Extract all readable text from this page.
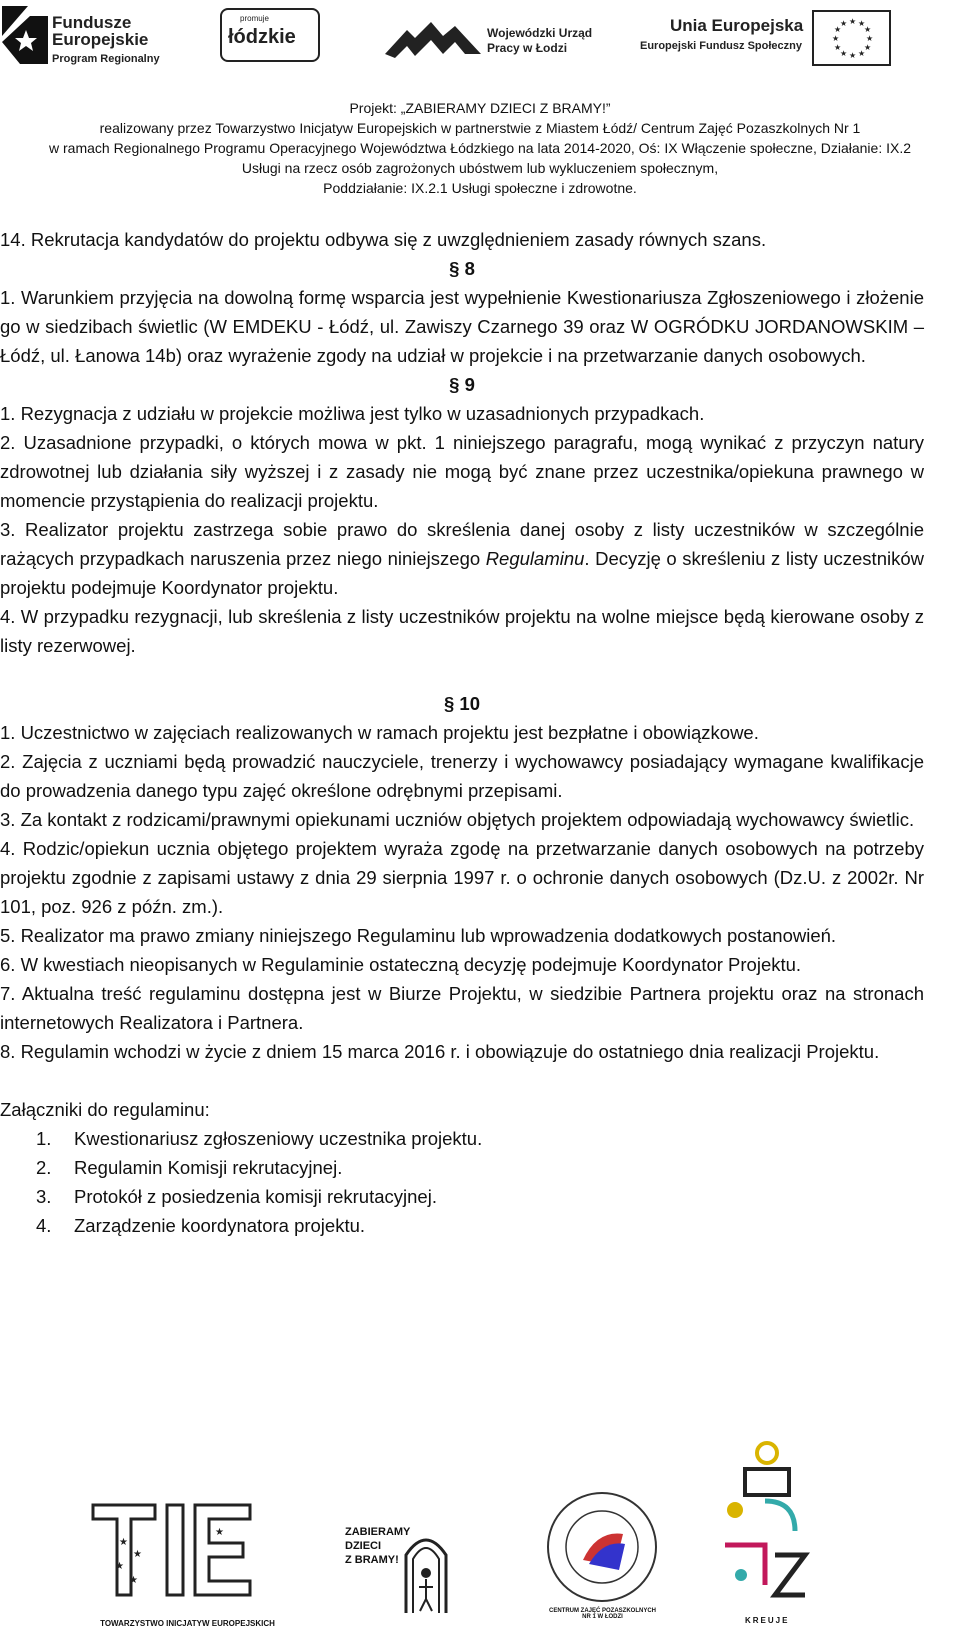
Fundusze
Europejskie
Program Regionalny
promuje
łódzkie	Wojewódzki Urząd
Pracy w Łodzi
Unia Europejska
Europejski Fundusz Społeczny
★ ★
★
★
★
★
★
★
★
★
★
★
Projekt: „ZABIERAMY DZIECI Z BRAMY!”
realizowany przez Towarzystwo Inicjatyw Europejskich w partnerstwie z Miastem Łódź/ Centrum Zajęć Pozaszkolnych Nr 1
w ramach Regionalnego Programu Operacyjnego Województwa Łódzkiego na lata 2014-2020, Oś: IX Włączenie społeczne, Działanie: IX.2
Usługi na rzecz osób zagrożonych ubóstwem lub wykluczeniem społecznym,
Poddziałanie: IX.2.1 Usługi społeczne i zdrowotne.

14. Rekrutacja kandydatów do projektu odbywa się z uwzględnieniem zasady równych szans.

§ 8

1. Warunkiem przyjęcia na dowolną formę wsparcia jest wypełnienie Kwestionariusza Zgłoszeniowego i złożenie go w siedzibach świetlic (W EMDEKU - Łódź, ul. Zawiszy Czarnego 39 oraz W OGRÓDKU JORDANOWSKIM – Łódź, ul. Łanowa 14b) oraz wyrażenie zgody na udział w projekcie i na przetwarzanie danych osobowych.

§ 9

1. Rezygnacja z udziału w projekcie możliwa jest tylko w uzasadnionych przypadkach.

2. Uzasadnione przypadki, o których mowa w pkt. 1 niniejszego paragrafu, mogą wynikać z przyczyn natury zdrowotnej lub działania siły wyższej i z zasady nie mogą być znane przez uczestnika/opiekuna prawnego w momencie przystąpienia do realizacji projektu.

3. Realizator projektu zastrzega sobie prawo do skreślenia danej osoby z listy uczestników w szczególnie rażących przypadkach naruszenia przez niego niniejszego Regulaminu. Decyzję o skreśleniu z listy uczestników projektu podejmuje Koordynator projektu.

4. W przypadku rezygnacji, lub skreślenia z listy uczestników projektu na wolne miejsce będą kierowane osoby z listy rezerwowej.

§ 10

1. Uczestnictwo w zajęciach realizowanych w ramach projektu jest bezpłatne i obowiązkowe.

2. Zajęcia z uczniami będą prowadzić nauczyciele, trenerzy i wychowawcy posiadający wymagane kwalifikacje do prowadzenia danego typu zajęć określone odrębnymi przepisami.

3. Za kontakt z rodzicami/prawnymi opiekunami uczniów objętych projektem odpowiadają wychowawcy świetlic.

4. Rodzic/opiekun ucznia objętego projektem wyraża zgodę na przetwarzanie danych osobowych na potrzeby projektu zgodnie z zapisami ustawy z dnia 29 sierpnia 1997 r. o ochronie danych osobowych (Dz.U. z 2002r. Nr 101, poz. 926 z późn. zm.).

5. Realizator ma prawo zmiany niniejszego Regulaminu lub wprowadzenia dodatkowych postanowień.

6. W kwestiach nieopisanych w Regulaminie ostateczną decyzję podejmuje Koordynator Projektu.

7. Aktualna treść regulaminu dostępna jest w Biurze Projektu, w siedzibie Partnera projektu oraz na stronach internetowych Realizatora i Partnera.

8. Regulamin wchodzi w życie z dniem 15 marca 2016 r. i obowiązuje do ostatniego dnia realizacji Projektu.

Załączniki do regulaminu:

1. Kwestionariusz zgłoszeniowy uczestnika projektu.
2. Regulamin Komisji rekrutacyjnej.
3. Protokół z posiedzenia komisji rekrutacyjnej.
4. Zarządzenie koordynatora projektu.
★
★
★
★
★
TOWARZYSTWO INICJATYW EUROPEJSKICH
ZABIERAMY
DZIECI
Z BRAMY!
CENTRUM ZAJĘĆ POZASZKOLNYCH NR 1 W ŁODZI	KREUJE
